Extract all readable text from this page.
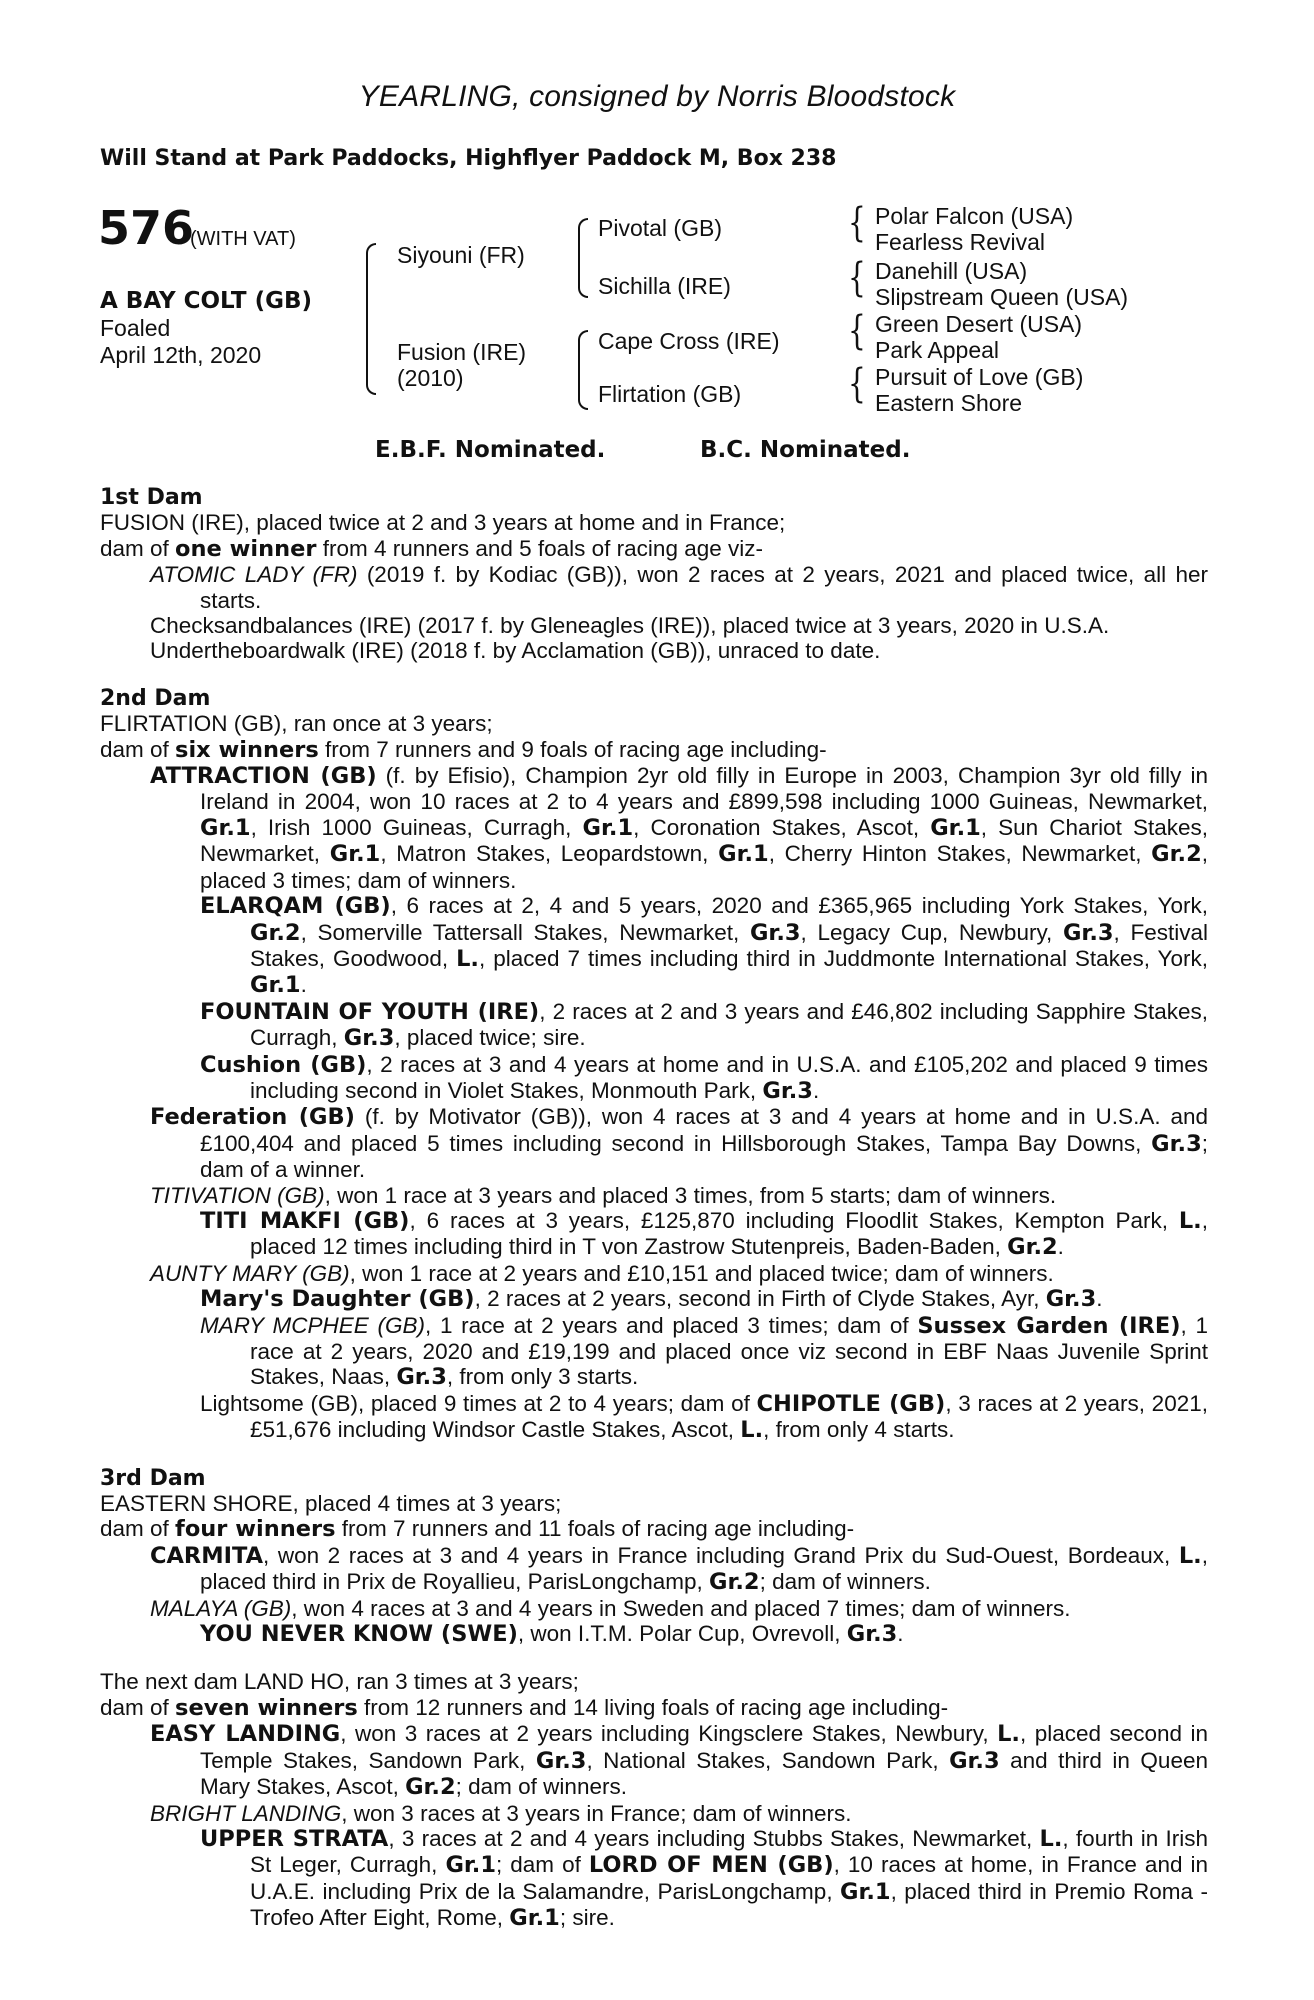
YEARLING, consigned by Norris Bloodstock
Will Stand at Park Paddocks, Highflyer Paddock M, Box 238
576
(WITH VAT)
A BAY COLT (GB)
Foaled
April 12th, 2020
Siyouni (FR)
Fusion (IRE)
(2010)
Pivotal (GB)
Sichilla (IRE)
Cape Cross (IRE)
Flirtation (GB)
{ Polar Falcon (USA)
Fearless Revival
{ Danehill (USA)
Slipstream Queen (USA)
{ Green Desert (USA)
Park Appeal
{ Pursuit of Love (GB)
Eastern Shore
E.B.F. Nominated.	B.C. Nominated.
1st Dam
FUSION (IRE), placed twice at 2 and 3 years at home and in France;
dam of one winner from 4 runners and 5 foals of racing age viz-
ATOMIC LADY (FR) (2019 f. by Kodiac (GB)), won 2 races at 2 years, 2021 and placed twice, all her starts.
Checksandbalances (IRE) (2017 f. by Gleneagles (IRE)), placed twice at 3 years, 2020 in U.S.A.
Undertheboardwalk (IRE) (2018 f. by Acclamation (GB)), unraced to date.
2nd Dam
FLIRTATION (GB), ran once at 3 years;
dam of six winners from 7 runners and 9 foals of racing age including-
ATTRACTION (GB) (f. by Efisio), Champion 2yr old filly in Europe in 2003, Champion 3yr old filly in Ireland in 2004, won 10 races at 2 to 4 years and £899,598 including 1000 Guineas, Newmarket, Gr.1, Irish 1000 Guineas, Curragh, Gr.1, Coronation Stakes, Ascot, Gr.1, Sun Chariot Stakes, Newmarket, Gr.1, Matron Stakes, Leopardstown, Gr.1, Cherry Hinton Stakes, Newmarket, Gr.2, placed 3 times; dam of winners.
ELARQAM (GB), 6 races at 2, 4 and 5 years, 2020 and £365,965 including York Stakes, York, Gr.2, Somerville Tattersall Stakes, Newmarket, Gr.3, Legacy Cup, Newbury, Gr.3, Festival Stakes, Goodwood, L., placed 7 times including third in Juddmonte International Stakes, York, Gr.1.
FOUNTAIN OF YOUTH (IRE), 2 races at 2 and 3 years and £46,802 including Sapphire Stakes, Curragh, Gr.3, placed twice; sire.
Cushion (GB), 2 races at 3 and 4 years at home and in U.S.A. and £105,202 and placed 9 times including second in Violet Stakes, Monmouth Park, Gr.3.
Federation (GB) (f. by Motivator (GB)), won 4 races at 3 and 4 years at home and in U.S.A. and £100,404 and placed 5 times including second in Hillsborough Stakes, Tampa Bay Downs, Gr.3; dam of a winner.
TITIVATION (GB), won 1 race at 3 years and placed 3 times, from 5 starts; dam of winners.
TITI MAKFI (GB), 6 races at 3 years, £125,870 including Floodlit Stakes, Kempton Park, L., placed 12 times including third in T von Zastrow Stutenpreis, Baden-Baden, Gr.2.
AUNTY MARY (GB), won 1 race at 2 years and £10,151 and placed twice; dam of winners.
Mary's Daughter (GB), 2 races at 2 years, second in Firth of Clyde Stakes, Ayr, Gr.3.
MARY MCPHEE (GB), 1 race at 2 years and placed 3 times; dam of Sussex Garden (IRE), 1 race at 2 years, 2020 and £19,199 and placed once viz second in EBF Naas Juvenile Sprint Stakes, Naas, Gr.3, from only 3 starts.
Lightsome (GB), placed 9 times at 2 to 4 years; dam of CHIPOTLE (GB), 3 races at 2 years, 2021, £51,676 including Windsor Castle Stakes, Ascot, L., from only 4 starts.
3rd Dam
EASTERN SHORE, placed 4 times at 3 years;
dam of four winners from 7 runners and 11 foals of racing age including-
CARMITA, won 2 races at 3 and 4 years in France including Grand Prix du Sud-Ouest, Bordeaux, L., placed third in Prix de Royallieu, ParisLongchamp, Gr.2; dam of winners.
MALAYA (GB), won 4 races at 3 and 4 years in Sweden and placed 7 times; dam of winners.
YOU NEVER KNOW (SWE), won I.T.M. Polar Cup, Ovrevoll, Gr.3.
The next dam LAND HO, ran 3 times at 3 years;
dam of seven winners from 12 runners and 14 living foals of racing age including-
EASY LANDING, won 3 races at 2 years including Kingsclere Stakes, Newbury, L., placed second in Temple Stakes, Sandown Park, Gr.3, National Stakes, Sandown Park, Gr.3 and third in Queen Mary Stakes, Ascot, Gr.2; dam of winners.
BRIGHT LANDING, won 3 races at 3 years in France; dam of winners.
UPPER STRATA, 3 races at 2 and 4 years including Stubbs Stakes, Newmarket, L., fourth in Irish St Leger, Curragh, Gr.1; dam of LORD OF MEN (GB), 10 races at home, in France and in U.A.E. including Prix de la Salamandre, ParisLongchamp, Gr.1, placed third in Premio Roma - Trofeo After Eight, Rome, Gr.1; sire.
